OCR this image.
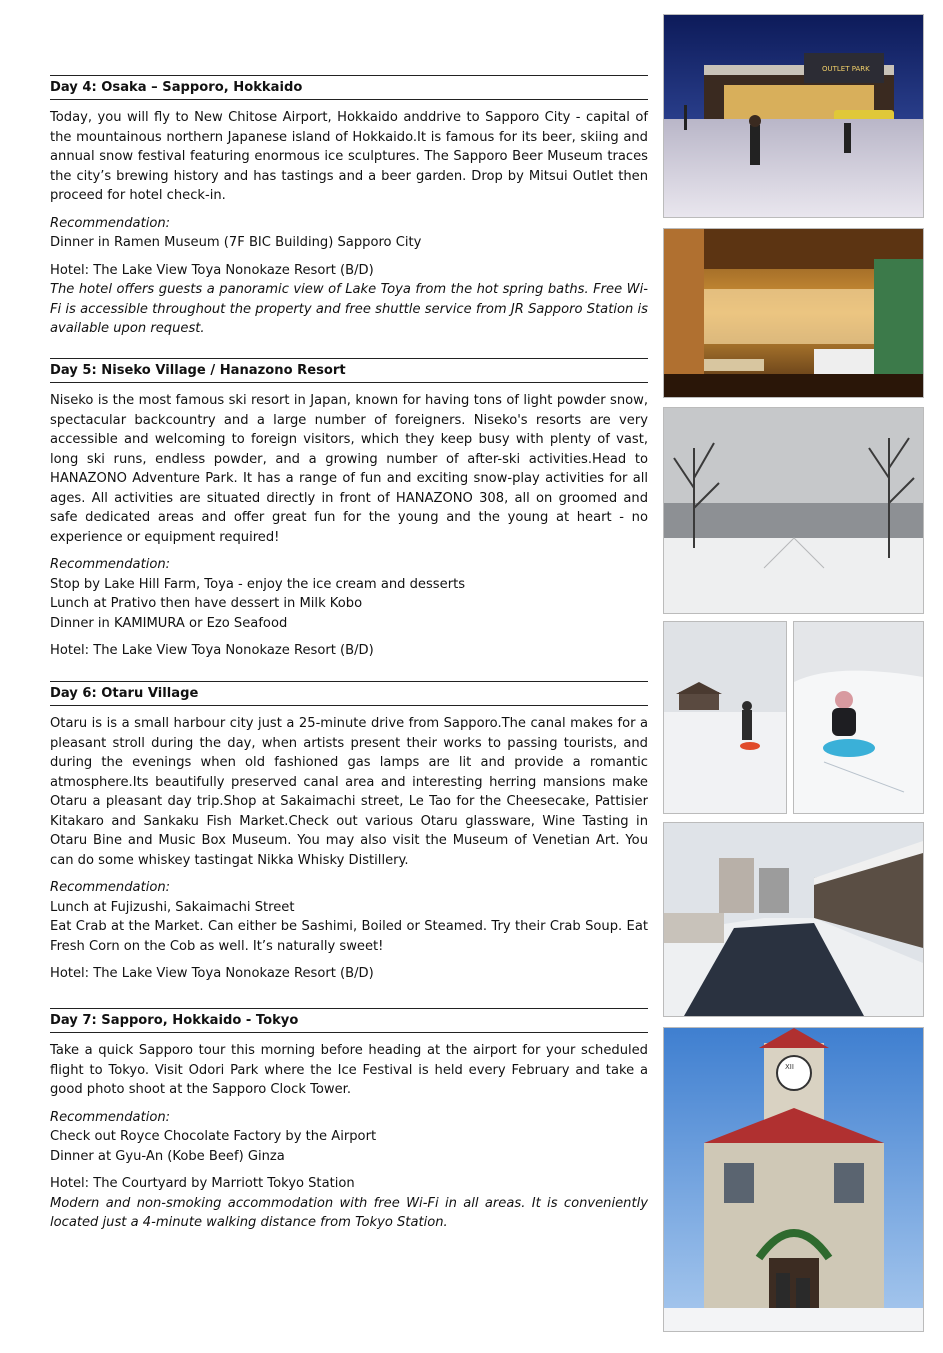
Day 4: Osaka – Sapporo, Hokkaido

Today, you will fly to New Chitose Airport, Hokkaido anddrive to Sapporo City - capital of the mountainous northern Japanese island of Hokkaido.It is famous for its beer, skiing and annual snow festival featuring enormous ice sculptures. The Sapporo Beer Museum traces the city’s brewing history and has tastings and a beer garden. Drop by Mitsui Outlet then proceed for hotel check-in.

Recommendation:
Dinner in Ramen Museum (7F BIC Building) Sapporo City
Hotel: The Lake View Toya Nonokaze Resort (B/D)
The hotel offers guests a panoramic view of Lake Toya from the hot spring baths. Free Wi-Fi is accessible throughout the property and free shuttle service from JR Sapporo Station is available upon request.
Day 5: Niseko Village / Hanazono Resort

Niseko is the most famous ski resort in Japan, known for having tons of light powder snow, spectacular backcountry and a large number of foreigners. Niseko's resorts are very accessible and welcoming to foreign visitors, which they keep busy with plenty of vast, long ski runs, endless powder, and a growing number of after-ski activities.Head to HANAZONO Adventure Park. It has a range of fun and exciting snow-play activities for all ages. All activities are situated directly in front of HANAZONO 308, all on groomed and safe dedicated areas and offer great fun for the young and the young at heart - no experience or equipment required!

Recommendation:
Stop by Lake Hill Farm, Toya - enjoy the ice cream and desserts
Lunch at Prativo then have dessert in Milk Kobo
Dinner in KAMIMURA or Ezo Seafood
Hotel: The Lake View Toya Nonokaze Resort (B/D)
Day 6: Otaru Village

Otaru is is a small harbour city just a 25-minute drive from Sapporo.The canal makes for a pleasant stroll during the day, when artists present their works to passing tourists, and during the evenings when old fashioned gas lamps are lit and provide a romantic atmosphere.Its beautifully preserved canal area and interesting herring mansions make Otaru a pleasant day trip.Shop at Sakaimachi street, Le Tao for the Cheesecake, Pattisier Kitakaro and Sankaku Fish Market.Check out various Otaru glassware, Wine Tasting in Otaru Bine and Music Box Museum. You may also visit the Museum of Venetian Art. You can do some whiskey tastingat Nikka Whisky Distillery.

Recommendation:
Lunch at Fujizushi, Sakaimachi Street
Eat Crab at the Market. Can either be Sashimi, Boiled or Steamed. Try their Crab Soup. Eat Fresh Corn on the Cob as well. It’s naturally sweet!
Hotel: The Lake View Toya Nonokaze Resort (B/D)
Day 7: Sapporo, Hokkaido - Tokyo

Take a quick Sapporo tour this morning before heading at the airport for your scheduled flight to Tokyo. Visit Odori Park where the Ice Festival is held every February and take a good photo shoot at the Sapporo Clock Tower.

Recommendation:
Check out Royce Chocolate Factory by the Airport
Dinner at Gyu-An (Kobe Beef) Ginza
Hotel: The Courtyard by Marriott Tokyo Station
Modern and non-smoking accommodation with free Wi-Fi in all areas. It is conveniently located just a 4-minute walking distance from Tokyo Station.
OUTLET PARK
XII
